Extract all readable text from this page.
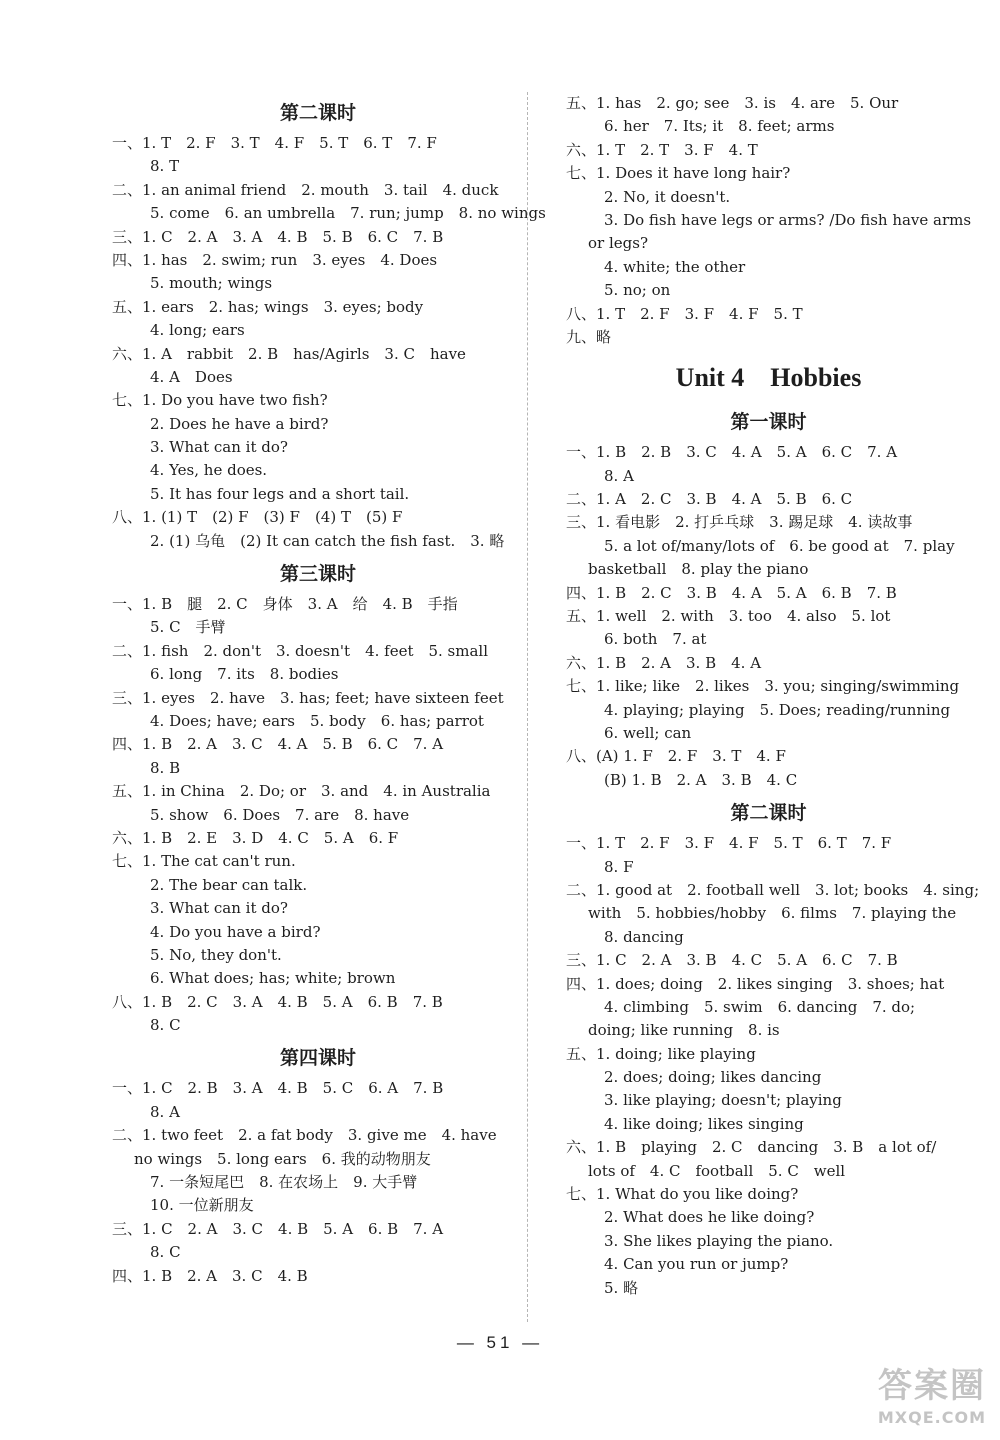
第二课时
一、1. T　2. F　3. T　4. F　5. T　6. T　7. F
8. T
二、1. an animal friend　2. mouth　3. tail　4. duck
5. come　6. an umbrella　7. run; jump　8. no wings
三、1. C　2. A　3. A　4. B　5. B　6. C　7. B
四、1. has　2. swim; run　3. eyes　4. Does
5. mouth; wings
五、1. ears　2. has; wings　3. eyes; body
4. long; ears
六、1. A　rabbit　2. B　has/Agirls　3. C　have
4. A　Does
七、1. Do you have two fish?
2. Does he have a bird?
3. What can it do?
4. Yes, he does.
5. It has four legs and a short tail.
八、1. (1) T　(2) F　(3) F　(4) T　(5) F
2. (1) 乌龟　(2) It can catch the fish fast.　3. 略
第三课时
一、1. B　腿　2. C　身体　3. A　给　4. B　手指
5. C　手臂
二、1. fish　2. don't　3. doesn't　4. feet　5. small
6. long　7. its　8. bodies
三、1. eyes　2. have　3. has; feet; have sixteen feet
4. Does; have; ears　5. body　6. has; parrot
四、1. B　2. A　3. C　4. A　5. B　6. C　7. A
8. B
五、1. in China　2. Do; or　3. and　4. in Australia
5. show　6. Does　7. are　8. have
六、1. B　2. E　3. D　4. C　5. A　6. F
七、1. The cat can't run.
2. The bear can talk.
3. What can it do?
4. Do you have a bird?
5. No, they don't.
6. What does; has; white; brown
八、1. B　2. C　3. A　4. B　5. A　6. B　7. B
8. C
第四课时
一、1. C　2. B　3. A　4. B　5. C　6. A　7. B
8. A
二、1. two feet　2. a fat body　3. give me　4. have
no wings　5. long ears　6. 我的动物朋友
7. 一条短尾巴　8. 在农场上　9. 大手臂
10. 一位新朋友
三、1. C　2. A　3. C　4. B　5. A　6. B　7. A
8. C
四、1. B　2. A　3. C　4. B
五、1. has　2. go; see　3. is　4. are　5. Our
6. her　7. Its; it　8. feet; arms
六、1. T　2. T　3. F　4. T
七、1. Does it have long hair?
2. No, it doesn't.
3. Do fish have legs or arms? /Do fish have arms
or legs?
4. white; the other
5. no; on
八、1. T　2. F　3. F　4. F　5. T
九、略
Unit 4　Hobbies
第一课时
一、1. B　2. B　3. C　4. A　5. A　6. C　7. A
8. A
二、1. A　2. C　3. B　4. A　5. B　6. C
三、1. 看电影　2. 打乒乓球　3. 踢足球　4. 读故事
5. a lot of/many/lots of　6. be good at　7. play
basketball　8. play the piano
四、1. B　2. C　3. B　4. A　5. A　6. B　7. B
五、1. well　2. with　3. too　4. also　5. lot
6. both　7. at
六、1. B　2. A　3. B　4. A
七、1. like; like　2. likes　3. you; singing/swimming
4. playing; playing　5. Does; reading/running
6. well; can
八、(A) 1. F　2. F　3. T　4. F
(B) 1. B　2. A　3. B　4. C
第二课时
一、1. T　2. F　3. F　4. F　5. T　6. T　7. F
8. F
二、1. good at　2. football well　3. lot; books　4. sing;
with　5. hobbies/hobby　6. films　7. playing the
8. dancing
三、1. C　2. A　3. B　4. C　5. A　6. C　7. B
四、1. does; doing　2. likes singing　3. shoes; hat
4. climbing　5. swim　6. dancing　7. do;
doing; like running　8. is
五、1. doing; like playing
2. does; doing; likes dancing
3. like playing; doesn't; playing
4. like doing; likes singing
六、1. B　playing　2. C　dancing　3. B　a lot of/
lots of　4. C　football　5. C　well
七、1. What do you like doing?
2. What does he like doing?
3. She likes playing the piano.
4. Can you run or jump?
5. 略
— 51 —
答案圈
MXQE.COM
